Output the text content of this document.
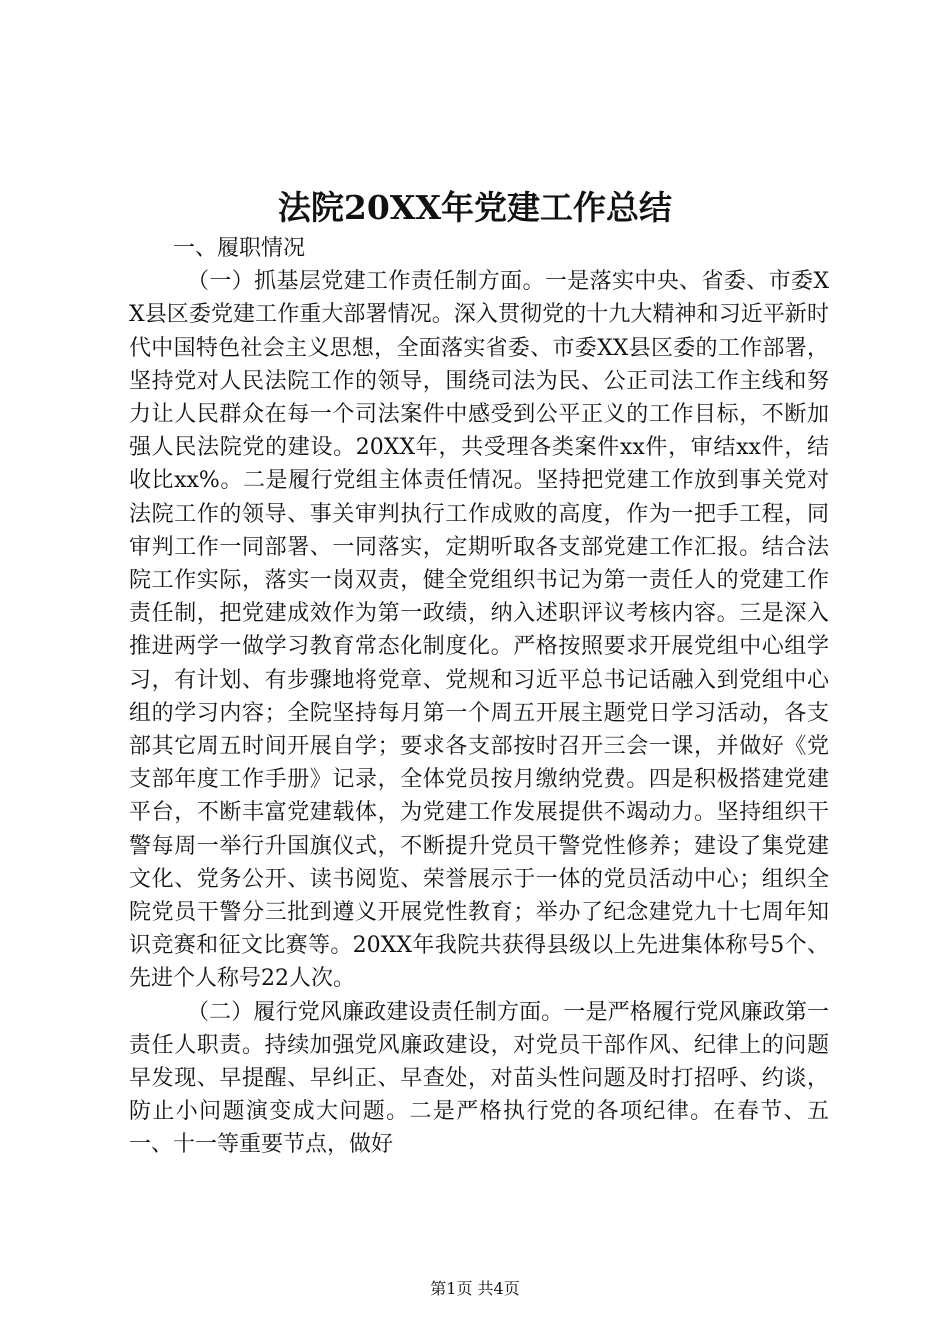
法院20XX年党建工作总结

一、履职情况

（一）抓基层党建工作责任制方面。一是落实中央、省委、市委XX县区委党建工作重大部署情况。深入贯彻党的十九大精神和习近平新时代中国特色社会主义思想，全面落实省委、市委XX县区委的工作部署，坚持党对人民法院工作的领导，围绕司法为民、公正司法工作主线和努力让人民群众在每一个司法案件中感受到公平正义的工作目标，不断加强人民法院党的建设。20XX年，共受理各类案件xx件，审结xx件，结收比xx%。二是履行党组主体责任情况。坚持把党建工作放到事关党对法院工作的领导、事关审判执行工作成败的高度，作为一把手工程，同审判工作一同部署、一同落实，定期听取各支部党建工作汇报。结合法院工作实际，落实一岗双责，健全党组织书记为第一责任人的党建工作责任制，把党建成效作为第一政绩，纳入述职评议考核内容。三是深入推进两学一做学习教育常态化制度化。严格按照要求开展党组中心组学习，有计划、有步骤地将党章、党规和习近平总书记话融入到党组中心组的学习内容；全院坚持每月第一个周五开展主题党日学习活动，各支部其它周五时间开展自学；要求各支部按时召开三会一课，并做好《党支部年度工作手册》记录，全体党员按月缴纳党费。四是积极搭建党建平台，不断丰富党建载体，为党建工作发展提供不竭动力。坚持组织干警每周一举行升国旗仪式，不断提升党员干警党性修养；建设了集党建文化、党务公开、读书阅览、荣誉展示于一体的党员活动中心；组织全院党员干警分三批到遵义开展党性教育；举办了纪念建党九十七周年知识竞赛和征文比赛等。20XX年我院共获得县级以上先进集体称号5个、先进个人称号22人次。

（二）履行党风廉政建设责任制方面。一是严格履行党风廉政第一责任人职责。持续加强党风廉政建设，对党员干部作风、纪律上的问题早发现、早提醒、早纠正、早查处，对苗头性问题及时打招呼、约谈，防止小问题演变成大问题。二是严格执行党的各项纪律。在春节、五一、十一等重要节点，做好

第1页 共4页
